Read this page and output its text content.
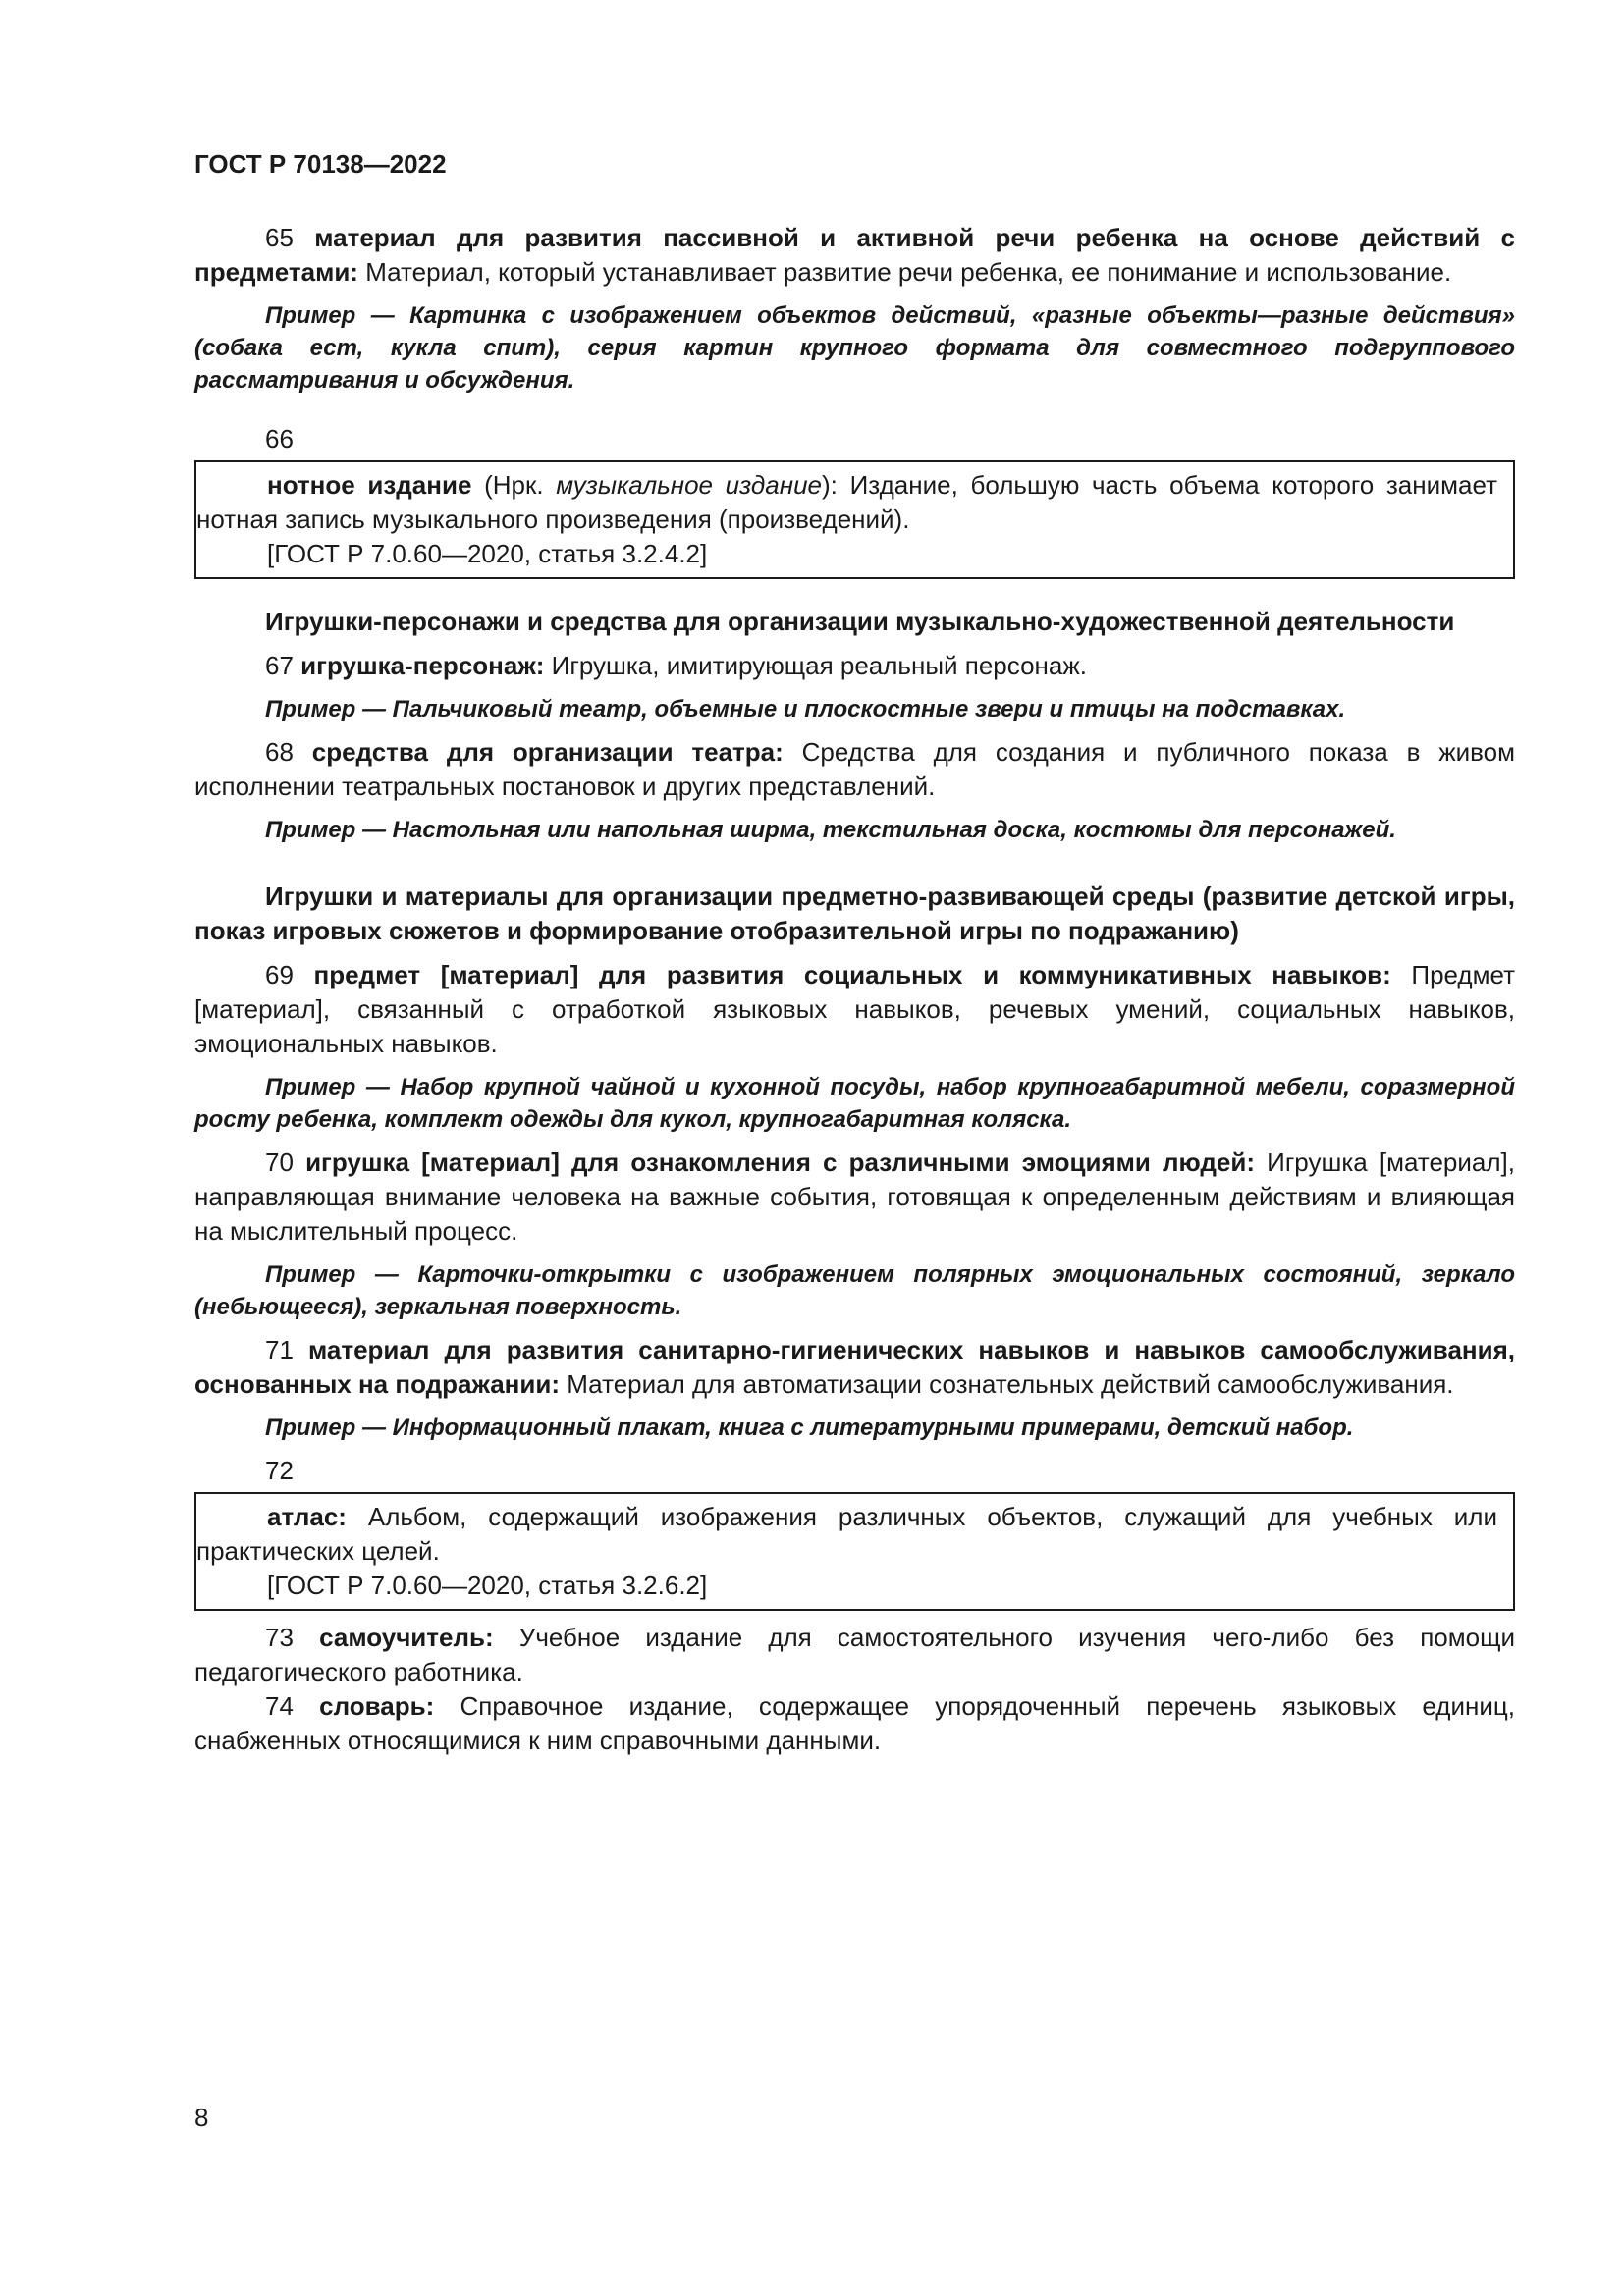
ГОСТ Р 70138—2022

65 материал для развития пассивной и активной речи ребенка на основе действий с предметами: Материал, который устанавливает развитие речи ребенка, ее понимание и использование.

Пример — Картинка с изображением объектов действий, «разные объекты—разные действия» (собака ест, кукла спит), серия картин крупного формата для совместного подгруппового рассматривания и обсуждения.

66

нотное издание (Нрк. музыкальное издание): Издание, большую часть объема которого занимает нотная запись музыкального произведения (произведений).

[ГОСТ Р 7.0.60—2020, статья 3.2.4.2]

Игрушки-персонажи и средства для организации музыкально-художественной деятельности

67 игрушка-персонаж: Игрушка, имитирующая реальный персонаж.

Пример — Пальчиковый театр, объемные и плоскостные звери и птицы на подставках.

68 средства для организации театра: Средства для создания и публичного показа в живом исполнении театральных постановок и других представлений.

Пример — Настольная или напольная ширма, текстильная доска, костюмы для персонажей.

Игрушки и материалы для организации предметно-развивающей среды (развитие детской игры, показ игровых сюжетов и формирование отобразительной игры по подражанию)

69 предмет [материал] для развития социальных и коммуникативных навыков: Предмет [материал], связанный с отработкой языковых навыков, речевых умений, социальных навыков, эмоциональных навыков.

Пример — Набор крупной чайной и кухонной посуды, набор крупногабаритной мебели, соразмерной росту ребенка, комплект одежды для кукол, крупногабаритная коляска.

70 игрушка [материал] для ознакомления с различными эмоциями людей: Игрушка [материал], направляющая внимание человека на важные события, готовящая к определенным действиям и влияющая на мыслительный процесс.

Пример — Карточки-открытки с изображением полярных эмоциональных состояний, зеркало (небьющееся), зеркальная поверхность.

71 материал для развития санитарно-гигиенических навыков и навыков самообслуживания, основанных на подражании: Материал для автоматизации сознательных действий самообслуживания.

Пример — Информационный плакат, книга с литературными примерами, детский набор.

72

атлас: Альбом, содержащий изображения различных объектов, служащий для учебных или практических целей.

[ГОСТ Р 7.0.60—2020, статья 3.2.6.2]

73 самоучитель: Учебное издание для самостоятельного изучения чего-либо без помощи педагогического работника.

74 словарь: Справочное издание, содержащее упорядоченный перечень языковых единиц, снабженных относящимися к ним справочными данными.

8
